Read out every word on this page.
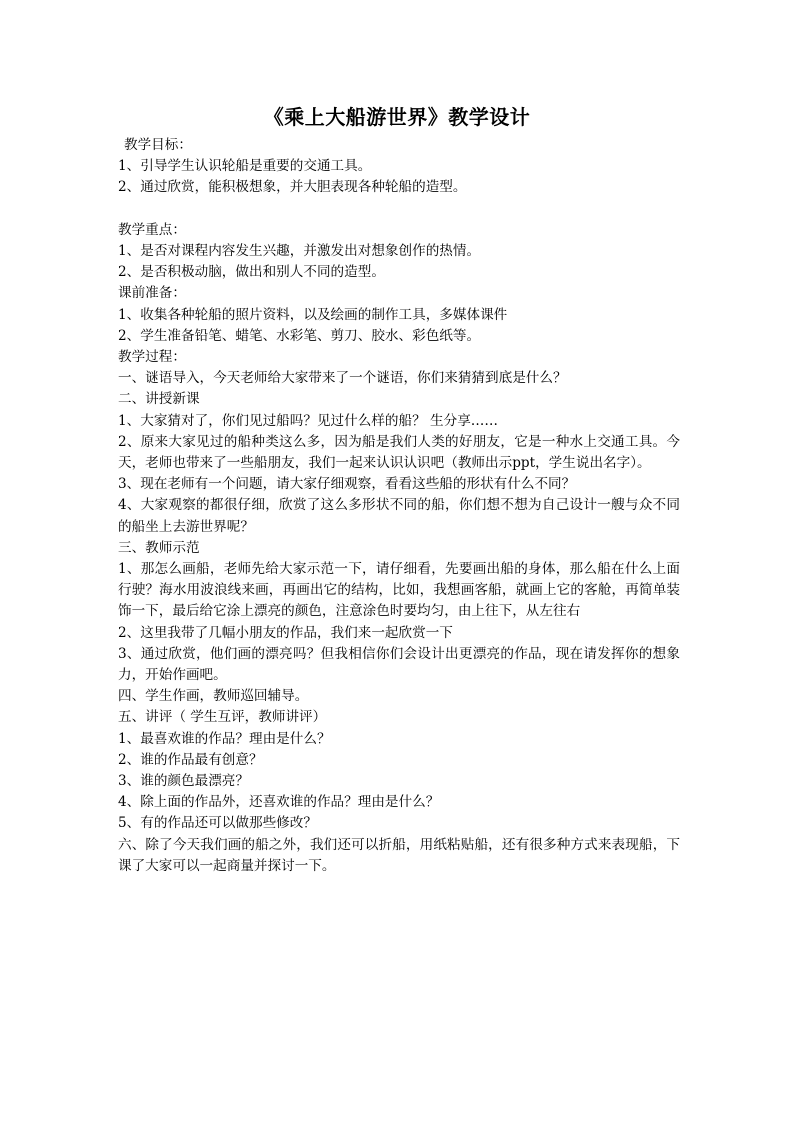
《乘上大船游世界》教学设计

教学目标：

1、引导学生认识轮船是重要的交通工具。

2、通过欣赏，能积极想象，并大胆表现各种轮船的造型。

教学重点：

1、是否对课程内容发生兴趣，并激发出对想象创作的热情。

2、是否积极动脑，做出和别人不同的造型。

课前准备：

1、收集各种轮船的照片资料，以及绘画的制作工具，多媒体课件

2、学生准备铅笔、蜡笔、水彩笔、剪刀、胶水、彩色纸等。

教学过程：

一、谜语导入，今天老师给大家带来了一个谜语，你们来猜猜到底是什么？

二、讲授新课

1、大家猜对了，你们见过船吗？见过什么样的船？ 生分享……

2、原来大家见过的船种类这么多，因为船是我们人类的好朋友，它是一种水上交通工具。今天，老师也带来了一些船朋友，我们一起来认识认识吧（教师出示ppt，学生说出名字）。

3、现在老师有一个问题，请大家仔细观察，看看这些船的形状有什么不同？

4、大家观察的都很仔细，欣赏了这么多形状不同的船，你们想不想为自己设计一艘与众不同的船坐上去游世界呢？

三、教师示范

1、那怎么画船，老师先给大家示范一下，请仔细看，先要画出船的身体，那么船在什么上面行驶？海水用波浪线来画，再画出它的结构，比如，我想画客船，就画上它的客舱，再简单装饰一下，最后给它涂上漂亮的颜色，注意涂色时要均匀，由上往下，从左往右

2、这里我带了几幅小朋友的作品，我们来一起欣赏一下

3、通过欣赏，他们画的漂亮吗？但我相信你们会设计出更漂亮的作品，现在请发挥你的想象力，开始作画吧。

四、学生作画，教师巡回辅导。

五、讲评（ 学生互评，教师讲评）

1、最喜欢谁的作品？理由是什么？

2、谁的作品最有创意？

3、谁的颜色最漂亮？

4、除上面的作品外，还喜欢谁的作品？理由是什么？

5、有的作品还可以做那些修改？

六、除了今天我们画的船之外，我们还可以折船，用纸粘贴船，还有很多种方式来表现船，下课了大家可以一起商量并探讨一下。
